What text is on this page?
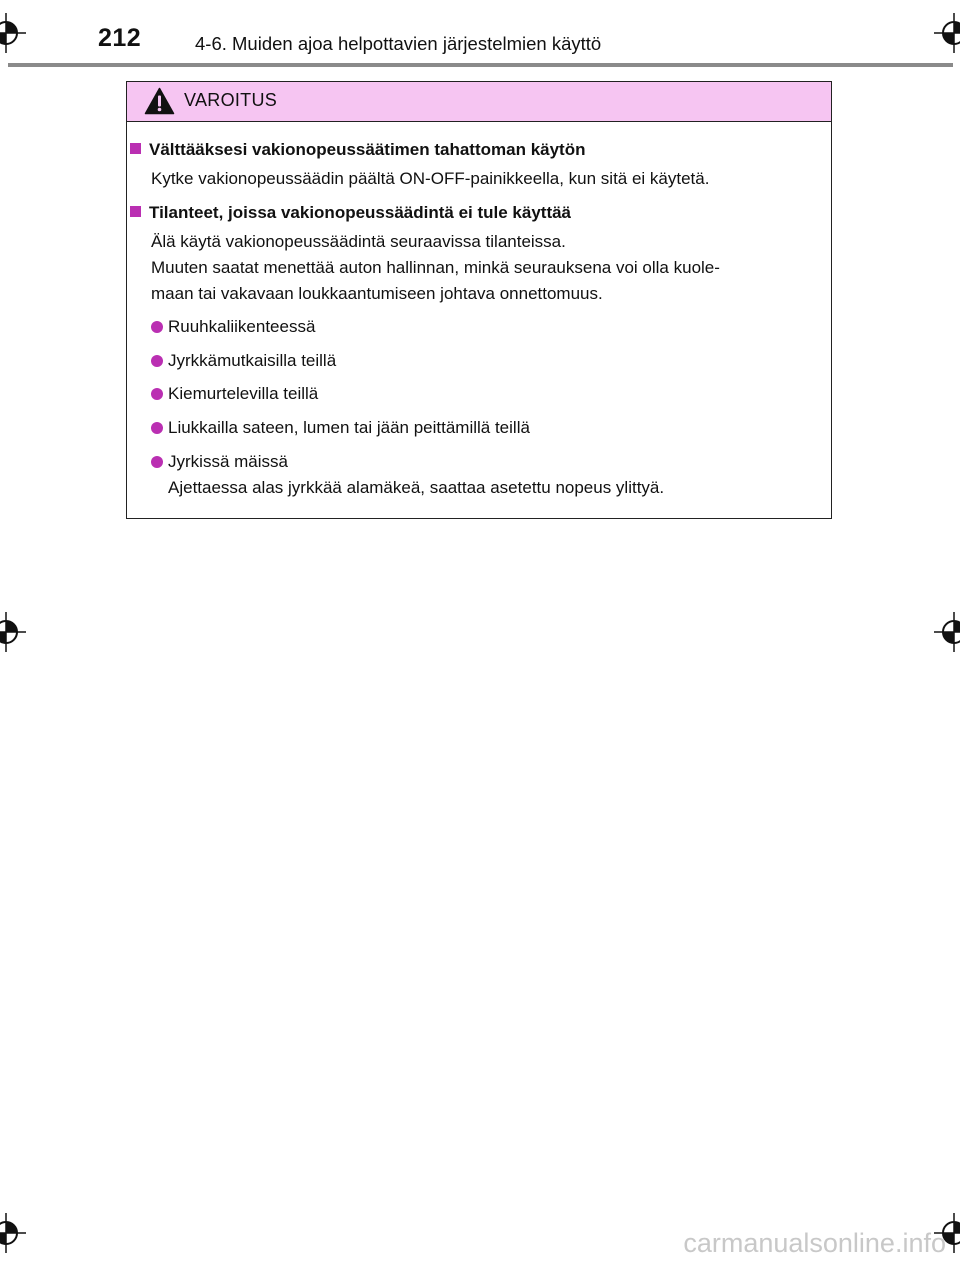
212	4-6. Muiden ajoa helpottavien järjestelmien käyttö
VAROITUS
Välttääksesi vakionopeussäätimen tahattoman käytön
Kytke vakionopeussäädin päältä ON-OFF-painikkeella, kun sitä ei käytetä.
Tilanteet, joissa vakionopeussäädintä ei tule käyttää
Älä käytä vakionopeussäädintä seuraavissa tilanteissa.
Muuten saatat menettää auton hallinnan, minkä seurauksena voi olla kuole-
maan tai vakavaan loukkaantumiseen johtava onnettomuus.
Ruuhkaliikenteessä
Jyrkkämutkaisilla teillä
Kiemurtelevilla teillä
Liukkailla sateen, lumen tai jään peittämillä teillä
Jyrkissä mäissä
Ajettaessa alas jyrkkää alamäkeä, saattaa asetettu nopeus ylittyä.
carmanualsonline.info
